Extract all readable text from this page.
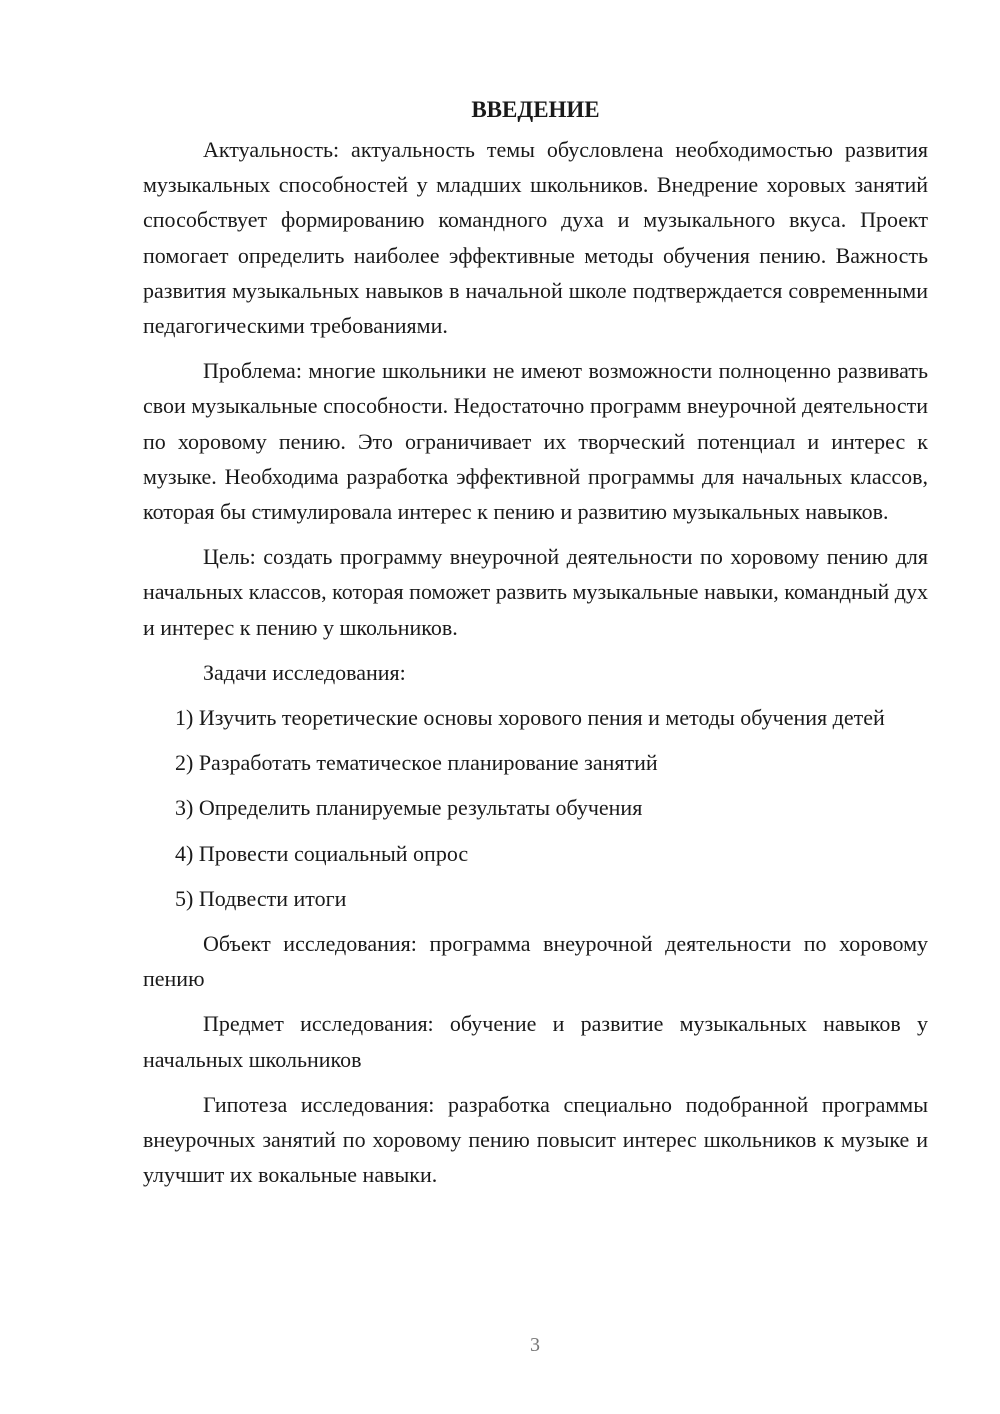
ВВЕДЕНИЕ

Актуальность: актуальность темы обусловлена необходимостью развития музыкальных способностей у младших школьников. Внедрение хоровых занятий способствует формированию командного духа и музыкального вкуса. Проект помогает определить наиболее эффективные методы обучения пению. Важность развития музыкальных навыков в начальной школе подтверждается современными педагогическими требованиями.

Проблема: многие школьники не имеют возможности полноценно развивать свои музыкальные способности. Недостаточно программ внеурочной деятельности по хоровому пению. Это ограничивает их творческий потенциал и интерес к музыке. Необходима разработка эффективной программы для начальных классов, которая бы стимулировала интерес к пению и развитию музыкальных навыков.

Цель: создать программу внеурочной деятельности по хоровому пению для начальных классов, которая поможет развить музыкальные навыки, командный дух и интерес к пению у школьников.

Задачи исследования:

1) Изучить теоретические основы хорового пения и методы обучения детей

2) Разработать тематическое планирование занятий

3) Определить планируемые результаты обучения

4) Провести социальный опрос

5) Подвести итоги

Объект исследования: программа внеурочной деятельности по хоровому пению

Предмет исследования: обучение и развитие музыкальных навыков у начальных школьников

Гипотеза исследования: разработка специально подобранной программы внеурочных занятий по хоровому пению повысит интерес школьников к музыке и улучшит их вокальные навыки.

3
